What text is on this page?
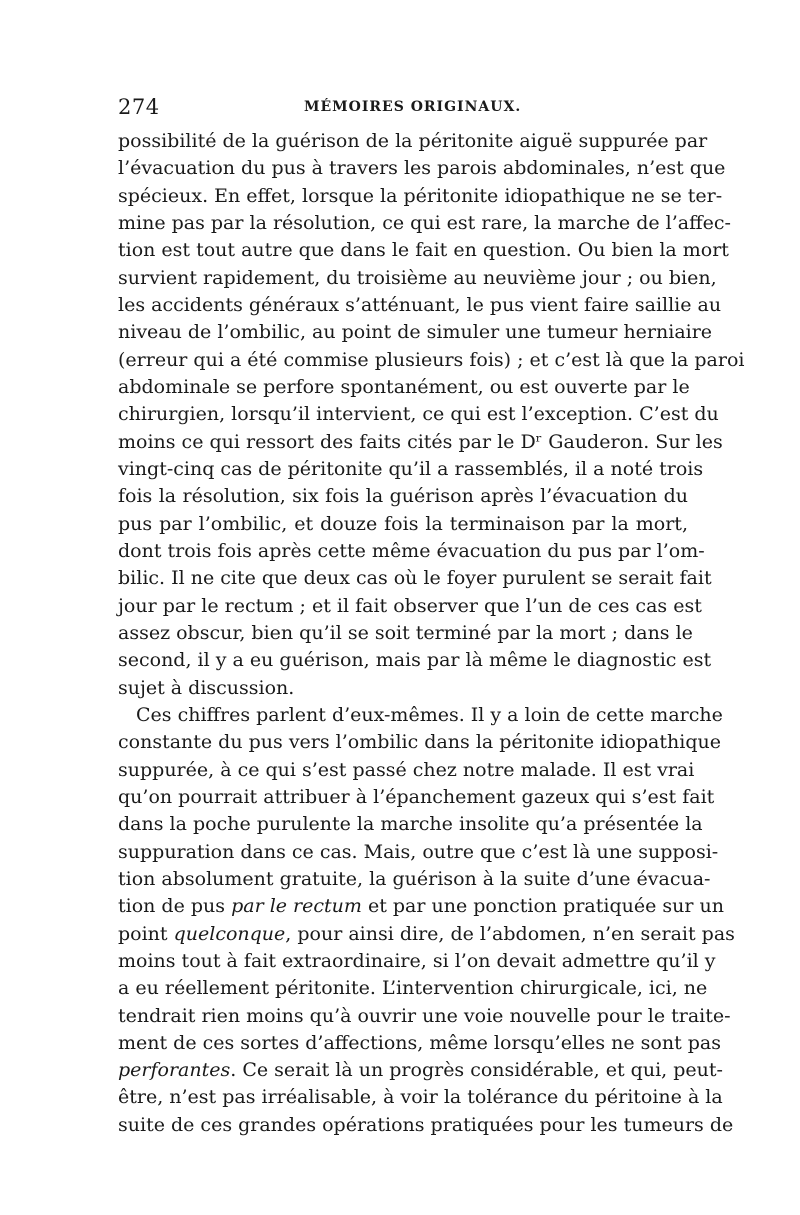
274	MÉMOIRES ORIGINAUX.
possibilité de la guérison de la péritonite aiguë suppurée par
l’évacuation du pus à travers les parois abdominales, n’est que
spécieux. En effet, lorsque la péritonite idiopathique ne se ter-
mine pas par la résolution, ce qui est rare, la marche de l’affec-
tion est tout autre que dans le fait en question. Ou bien la mort
survient rapidement, du troisième au neuvième jour ; ou bien,
les accidents généraux s’atténuant, le pus vient faire saillie au
niveau de l’ombilic, au point de simuler une tumeur herniaire
(erreur qui a été commise plusieurs fois) ; et c’est là que la paroi
abdominale se perfore spontanément, ou est ouverte par le
chirurgien, lorsqu’il intervient, ce qui est l’exception. C’est du
moins ce qui ressort des faits cités par le Dʳ Gauderon. Sur les
vingt-cinq cas de péritonite qu’il a rassemblés, il a noté trois
fois la résolution, six fois la guérison après l’évacuation du
pus par l’ombilic, et douze fois la terminaison par la mort,
dont trois fois après cette même évacuation du pus par l’om-
bilic. Il ne cite que deux cas où le foyer purulent se serait fait
jour par le rectum ; et il fait observer que l’un de ces cas est
assez obscur, bien qu’il se soit terminé par la mort ; dans le
second, il y a eu guérison, mais par là même le diagnostic est
sujet à discussion.
Ces chiffres parlent d’eux-mêmes. Il y a loin de cette marche
constante du pus vers l’ombilic dans la péritonite idiopathique
suppurée, à ce qui s’est passé chez notre malade. Il est vrai
qu’on pourrait attribuer à l’épanchement gazeux qui s’est fait
dans la poche purulente la marche insolite qu’a présentée la
suppuration dans ce cas. Mais, outre que c’est là une supposi-
tion absolument gratuite, la guérison à la suite d’une évacua-
tion de pus par le rectum et par une ponction pratiquée sur un
point quelconque, pour ainsi dire, de l’abdomen, n’en serait pas
moins tout à fait extraordinaire, si l’on devait admettre qu’il y
a eu réellement péritonite. L’intervention chirurgicale, ici, ne
tendrait rien moins qu’à ouvrir une voie nouvelle pour le traite-
ment de ces sortes d’affections, même lorsqu’elles ne sont pas
perforantes. Ce serait là un progrès considérable, et qui, peut-
être, n’est pas irréalisable, à voir la tolérance du péritoine à la
suite de ces grandes opérations pratiquées pour les tumeurs de
